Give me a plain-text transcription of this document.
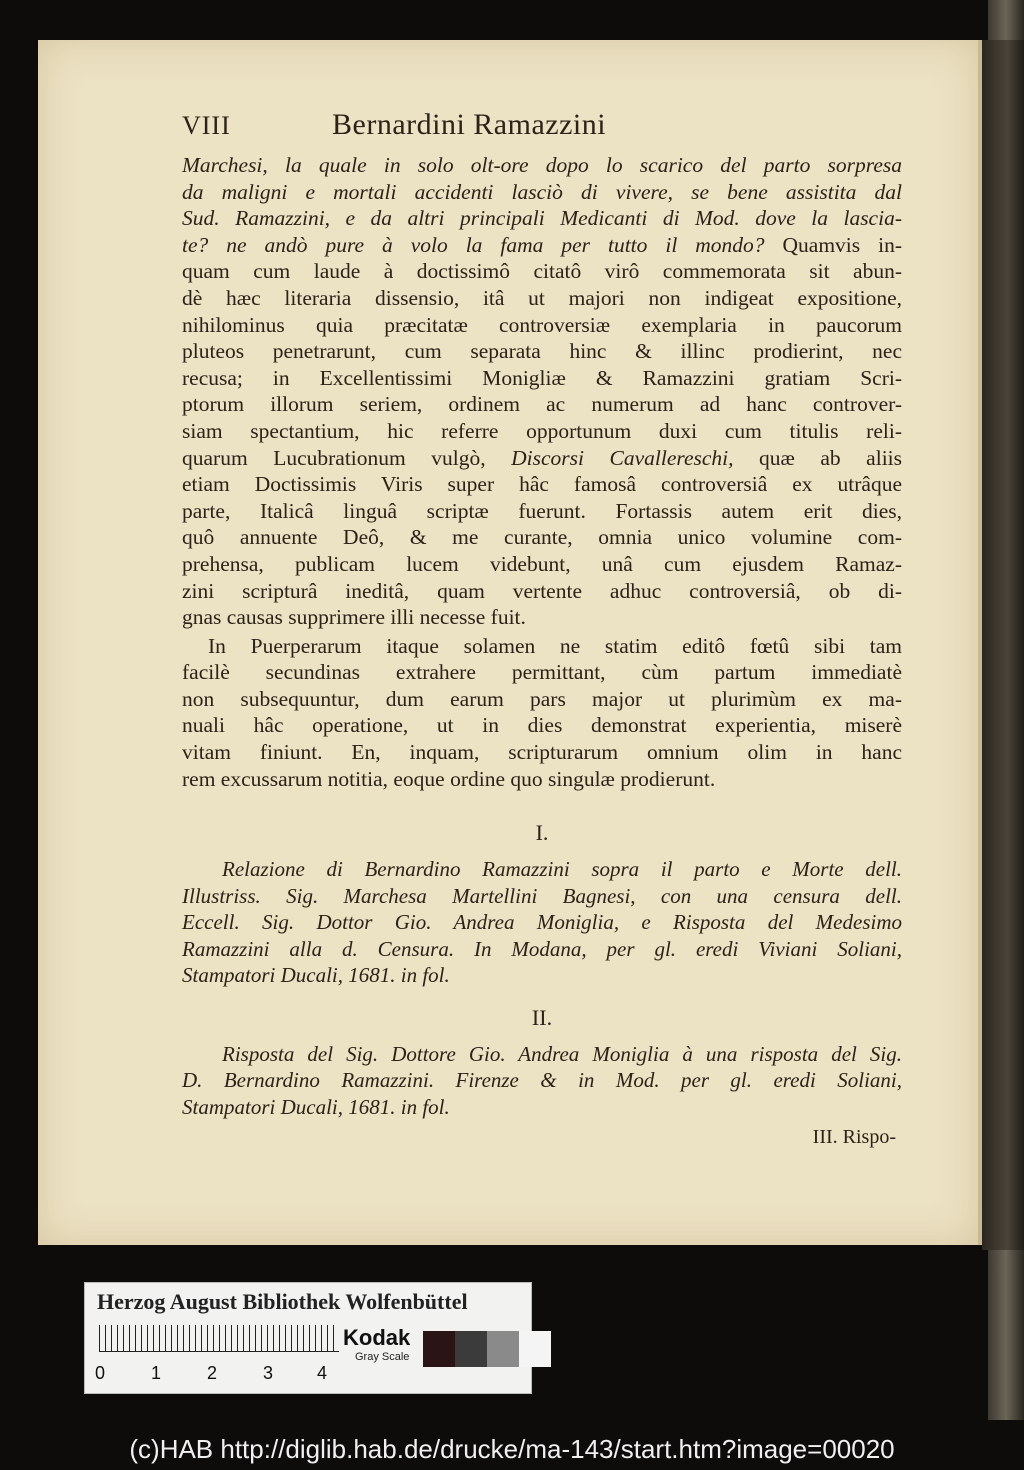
VIII	Bernardini Ramazzini
Marchesi, la quale in solo olt-ore dopo lo scarico del parto sorpresa
da maligni e mortali accidenti lasciò di vivere, se bene assistita dal
Sud. Ramazzini, e da altri principali Medicanti di Mod. dove la lascia-
te? ne andò pure à volo la fama per tutto il mondo? Quamvis in-
quam cum laude à doctissimô citatô virô commemorata sit abun-
dè hæc literaria dissensio, itâ ut majori non indigeat expositione,
nihilominus quia præcitatæ controversiæ exemplaria in paucorum
pluteos penetrarunt, cum separata hinc & illinc prodierint, nec
recusa; in Excellentissimi Monigliæ & Ramazzini gratiam Scri-
ptorum illorum seriem, ordinem ac numerum ad hanc controver-
siam spectantium, hic referre opportunum duxi cum titulis reli-
quarum Lucubrationum vulgò, Discorsi Cavallereschi, quæ ab aliis
etiam Doctissimis Viris super hâc famosâ controversiâ ex utrâque
parte, Italicâ linguâ scriptæ fuerunt. Fortassis autem erit dies,
quô annuente Deô, & me curante, omnia unico volumine com-
prehensa, publicam lucem videbunt, unâ cum ejusdem Ramaz-
zini scripturâ ineditâ, quam vertente adhuc controversiâ, ob di-
gnas causas supprimere illi necesse fuit.
In Puerperarum itaque solamen ne statim editô fœtû sibi tam
facilè secundinas extrahere permittant, cùm partum immediatè
non subsequuntur, dum earum pars major ut plurimùm ex ma-
nuali hâc operatione, ut in dies demonstrat experientia, miserè
vitam finiunt. En, inquam, scripturarum omnium olim in hanc
rem excussarum notitia, eoque ordine quo singulæ prodierunt.
I.
Relazione di Bernardino Ramazzini sopra il parto e Morte dell.
Illustriss. Sig. Marchesa Martellini Bagnesi, con una censura dell.
Eccell. Sig. Dottor Gio. Andrea Moniglia, e Risposta del Medesimo
Ramazzini alla d. Censura. In Modana, per gl. eredi Viviani Soliani,
Stampatori Ducali, 1681. in fol.
II.
Risposta del Sig. Dottore Gio. Andrea Moniglia à una risposta del Sig.
D. Bernardino Ramazzini. Firenze & in Mod. per gl. eredi Soliani,
Stampatori Ducali, 1681. in fol.
III. Rispo-
Herzog August Bibliothek Wolfenbüttel
0	1	2	3 4
Kodak
Gray Scale
(c)HAB http://diglib.hab.de/drucke/ma-143/start.htm?image=00020
